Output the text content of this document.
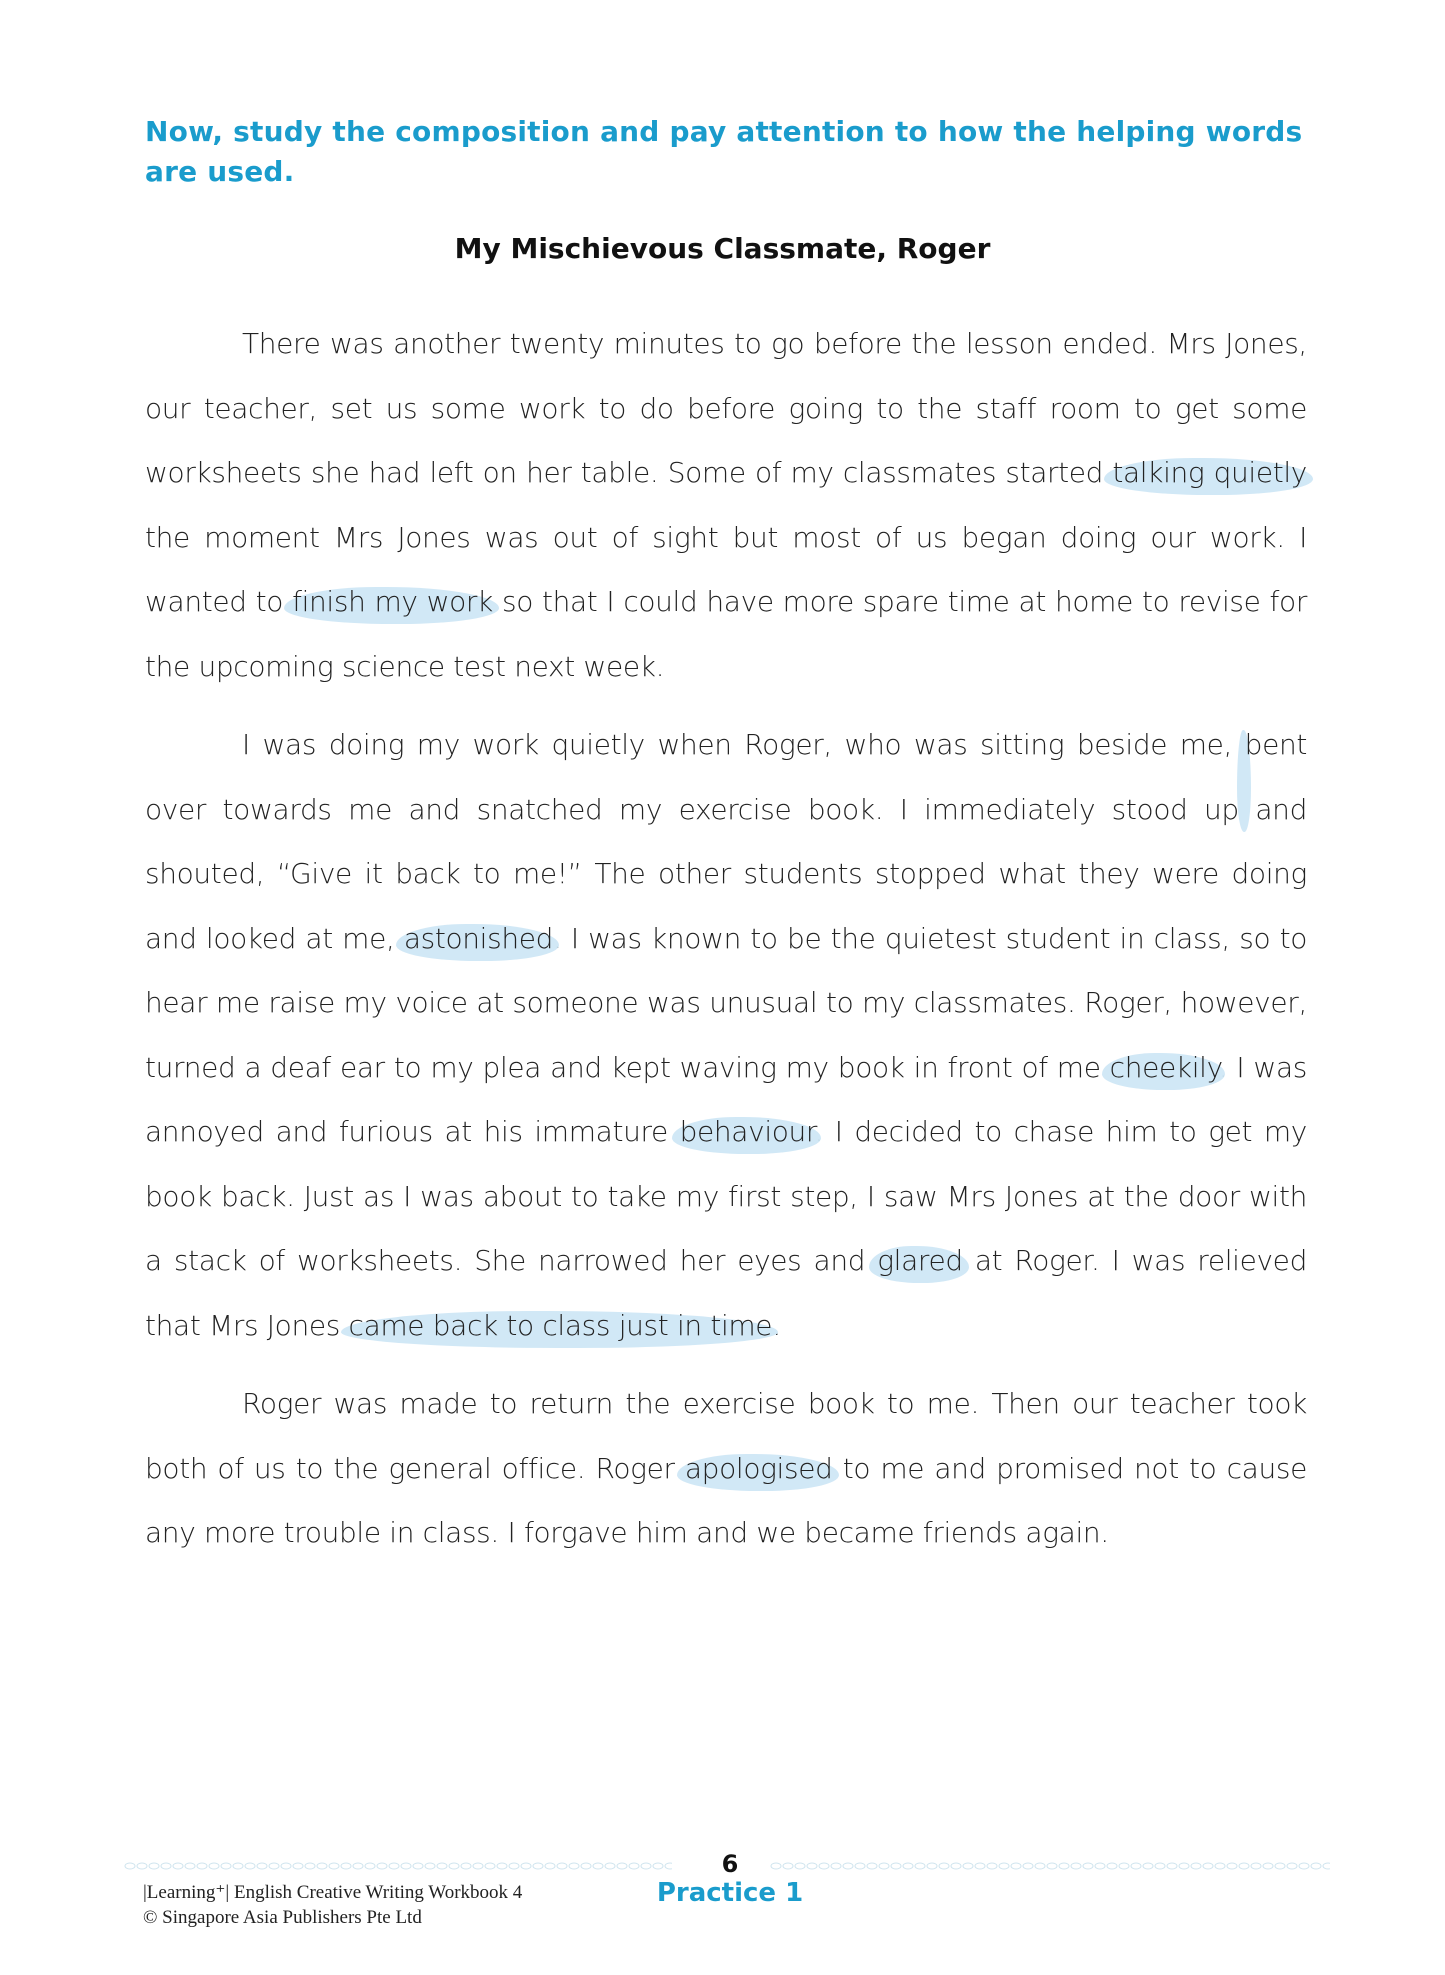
Now, study the composition and pay attention to how the helping words are used.
My Mischievous Classmate, Roger

There was another twenty minutes to go before the lesson ended. Mrs Jones, our teacher, set us some work to do before going to the staff room to get some worksheets she had left on her table. Some of my classmates started talking quietly the moment Mrs Jones was out of sight but most of us began doing our work. I wanted to finish my work so that I could have more spare time at home to revise for the upcoming science test next week.

I was doing my work quietly when Roger, who was sitting beside me, bent over towards me and snatched my exercise book. I immediately stood up and shouted, “Give it back to me!” The other students stopped what they were doing and looked at me, astonished. I was known to be the quietest student in class, so to hear me raise my voice at someone was unusual to my classmates. Roger, however, turned a deaf ear to my plea and kept waving my book in front of me cheekily. I was annoyed and furious at his immature behaviour. I decided to chase him to get my book back. Just as I was about to take my first step, I saw Mrs Jones at the door with a stack of worksheets. She narrowed her eyes and glared at Roger. I was relieved that Mrs Jones came back to class just in time.

Roger was made to return the exercise book to me. Then our teacher took both of us to the general office. Roger apologised to me and promised not to cause any more trouble in class. I forgave him and we became friends again.

|Learning⁺| English Creative Writing Workbook 4
© Singapore Asia Publishers Pte Ltd
6
Practice 1
